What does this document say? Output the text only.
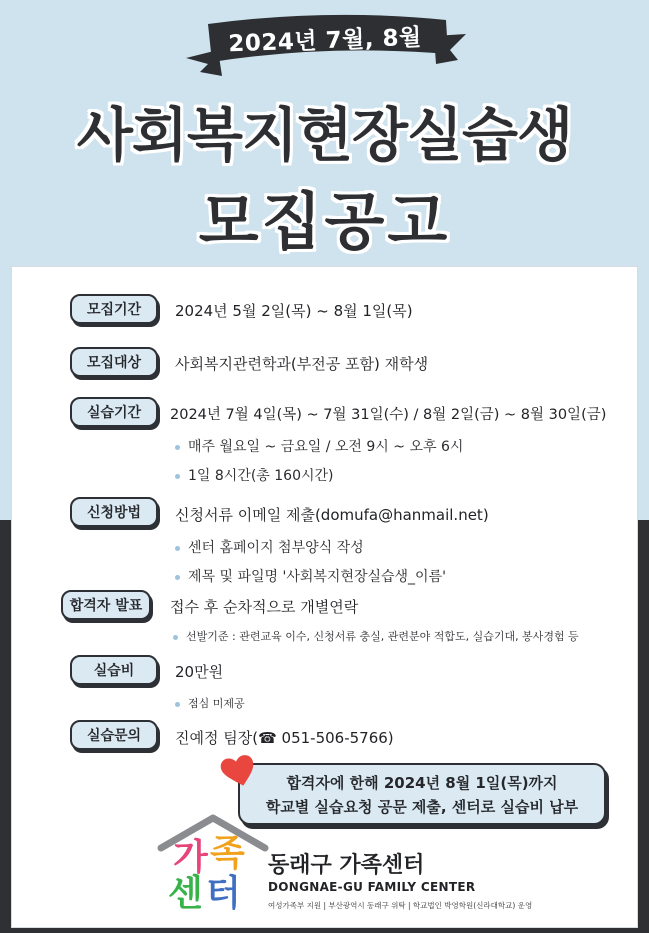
2024년 7월, 8월
사회복지현장실습생
모집공고
모집기간	2024년 5월 2일(목) ~ 8월 1일(목)
모집대상	사회복지관련학과(부전공 포함) 재학생
실습기간	2024년 7월 4일(목) ~ 7월 31일(수) / 8월 2일(금) ~ 8월 30일(금)
매주 월요일 ~ 금요일 / 오전 9시 ~ 오후 6시
1일 8시간(총 160시간)
신청방법	신청서류 이메일 제출(domufa@hanmail.net)
센터 홈페이지 첨부양식 작성
제목 및 파일명 '사회복지현장실습생_이름'
합격자 발표	접수 후 순차적으로 개별연락
선발기준 : 관련교육 이수, 신청서류 충실, 관련분야 적합도, 실습기대, 봉사경험 등
실습비	20만원
점심 미제공
실습문의	진예정 팀장(☎ 051-506-5766)
합격자에 한해 2024년 8월 1일(목)까지
학교별 실습요청 공문 제출, 센터로 실습비 납부
가 족
센 터
동래구 가족센터
DONGNAE-GU FAMILY CENTER
여성가족부 지원 | 부산광역시 동래구 위탁 | 학교법인 박영학원(신라대학교) 운영
